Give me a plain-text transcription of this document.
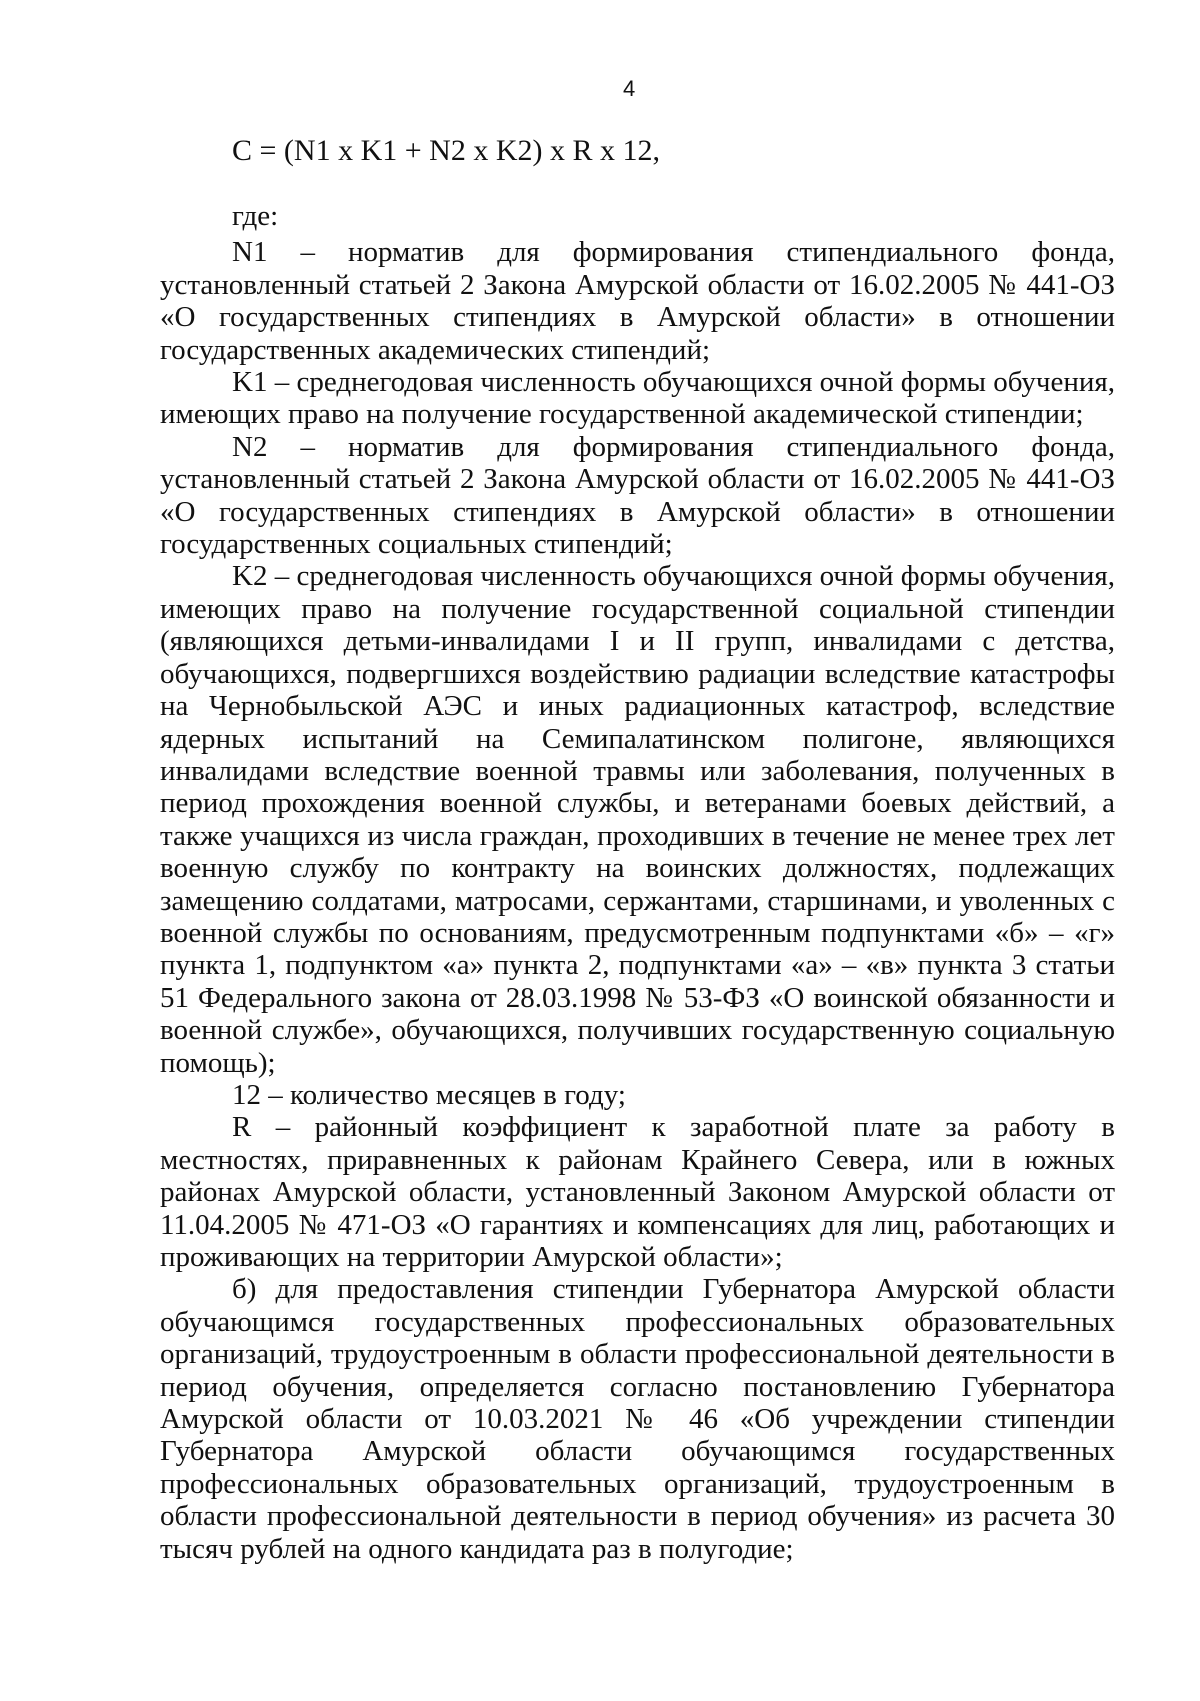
4
С = (N1 x K1 + N2 x K2) x R x 12,

где:

N1 – норматив для формирования стипендиального фонда, установленный статьей 2 Закона Амурской области от 16.02.2005 № 441-ОЗ «О государственных стипендиях в Амурской области» в отношении государственных академических стипендий;

K1 – среднегодовая численность обучающихся очной формы обучения, имеющих право на получение государственной академической стипендии;

N2 – норматив для формирования стипендиального фонда, установленный статьей 2 Закона Амурской области от 16.02.2005 № 441-ОЗ «О государственных стипендиях в Амурской области» в отношении государственных социальных стипендий;

K2 – среднегодовая численность обучающихся очной формы обучения, имеющих право на получение государственной социальной стипендии (являющихся детьми-инвалидами I и II групп, инвалидами с детства, обучающихся, подвергшихся воздействию радиации вследствие катастрофы на Чернобыльской АЭС и иных радиационных катастроф, вследствие ядерных испытаний на Семипалатинском полигоне, являющихся инвалидами вследствие военной травмы или заболевания, полученных в период прохождения военной службы, и ветеранами боевых действий, а также учащихся из числа граждан, проходивших в течение не менее трех лет военную службу по контракту на воинских должностях, подлежащих замещению солдатами, матросами, сержантами, старшинами, и уволенных с военной службы по основаниям, предусмотренным подпунктами «б» – «г» пункта 1, подпунктом «а» пункта 2, подпунктами «а» – «в» пункта 3 статьи 51 Федерального закона от 28.03.1998 № 53-ФЗ «О воинской обязанности и военной службе», обучающихся, получивших государственную социальную помощь);

12 – количество месяцев в году;

R – районный коэффициент к заработной плате за работу в местностях, приравненных к районам Крайнего Севера, или в южных районах Амурской области, установленный Законом Амурской области от 11.04.2005 № 471-ОЗ «О гарантиях и компенсациях для лиц, работающих и проживающих на территории Амурской области»;

б) для предоставления стипендии Губернатора Амурской области обучающимся государственных профессиональных образовательных организаций, трудоустроенным в области профессиональной деятельности в период обучения, определяется согласно постановлению Губернатора Амурской области от 10.03.2021 № 46 «Об учреждении стипендии Губернатора Амурской области обучающимся государственных профессиональных образовательных организаций, трудоустроенным в области профессиональной деятельности в период обучения» из расчета 30 тысяч рублей на одного кандидата раз в полугодие;
